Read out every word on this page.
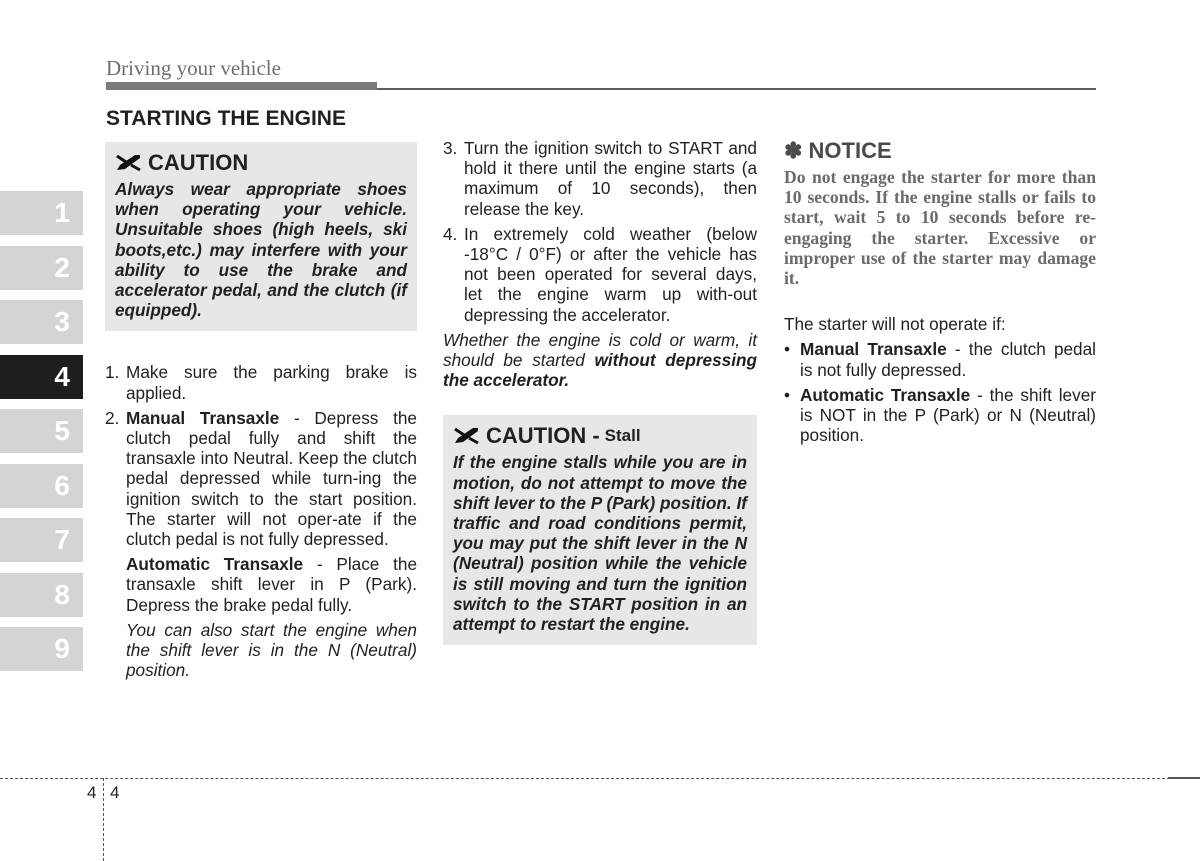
Driving your vehicle
1
2
3
4
5
6
7
8
9
STARTING THE ENGINE
CAUTION
Always wear appropriate shoes when operating your vehicle. Unsuitable shoes (high heels, ski boots,etc.) may interfere with your ability to use the brake and accelerator pedal, and the clutch (if equipped).
1. Make sure the parking brake is applied.
2. Manual Transaxle - Depress the clutch pedal fully and shift the transaxle into Neutral. Keep the clutch pedal depressed while turn-ing the ignition switch to the start position. The starter will not oper-ate if the clutch pedal is not fully depressed.

Automatic Transaxle - Place the transaxle shift lever in P (Park). Depress the brake pedal fully.

You can also start the engine when the shift lever is in the N (Neutral) position.

3. Turn the ignition switch to START and hold it there until the engine starts (a maximum of 10 seconds), then release the key.
4. In extremely cold weather (below -18°C / 0°F) or after the vehicle has not been operated for several days, let the engine warm up with-out depressing the accelerator.
Whether the engine is cold or warm, it should be started without depressing the accelerator.
CAUTION - Stall
If the engine stalls while you are in motion, do not attempt to move the shift lever to the P (Park) position. If traffic and road conditions permit, you may put the shift lever in the N (Neutral) position while the vehicle is still moving and turn the ignition switch to the START position in an attempt to restart the engine.
✽ NOTICE
Do not engage the starter for more than 10 seconds. If the engine stalls or fails to start, wait 5 to 10 seconds before re-engaging the starter. Excessive or improper use of the starter may damage it.
The starter will not operate if:
• Manual Transaxle - the clutch pedal is not fully depressed.
• Automatic Transaxle - the shift lever is NOT in the P (Park) or N (Neutral) position.
4 4
